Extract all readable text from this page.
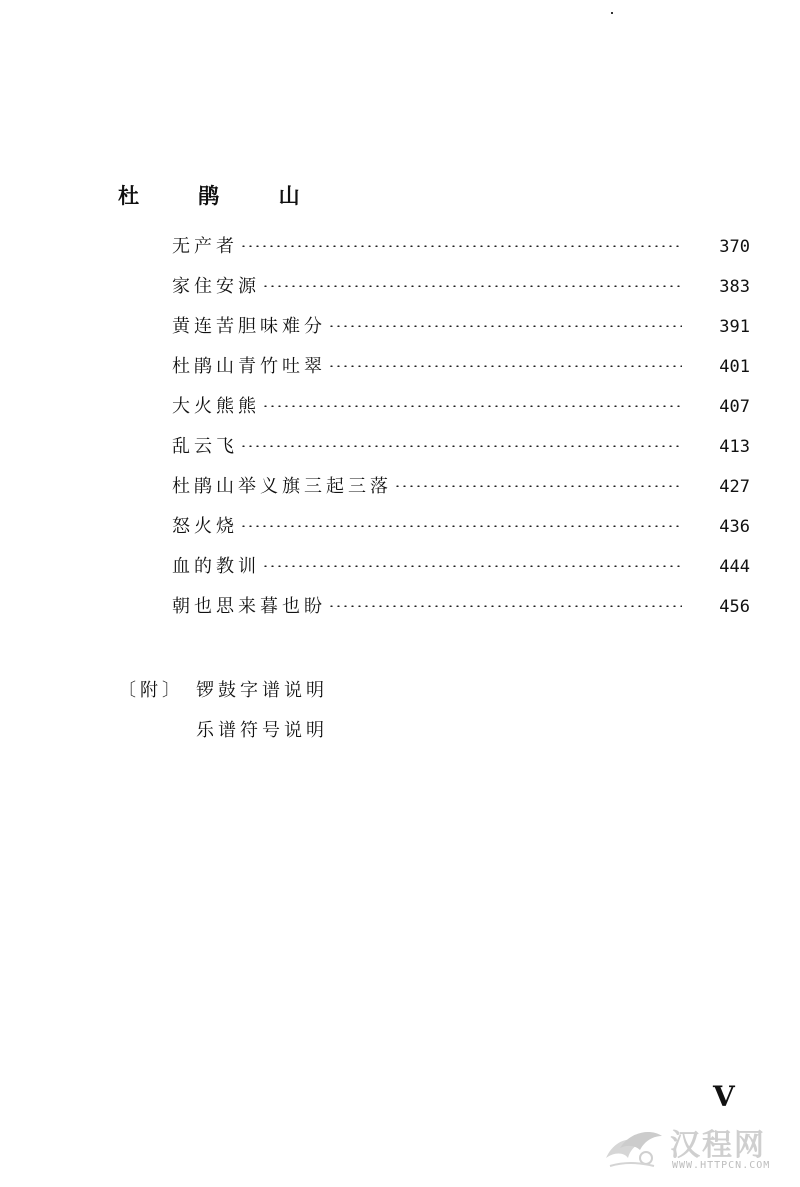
杜 鹃 山
无产者	370
家住安源	383
黄连苦胆味难分	391
杜鹃山青竹吐翠	401
大火熊熊	407
乱云飞	413
杜鹃山举义旗三起三落	427
怒火烧	436
血的教训	444
朝也思来暮也盼	456
〔附〕 锣鼓字谱说明
乐谱符号说明
V
汉程网
WWW.HTTPCN.COM
